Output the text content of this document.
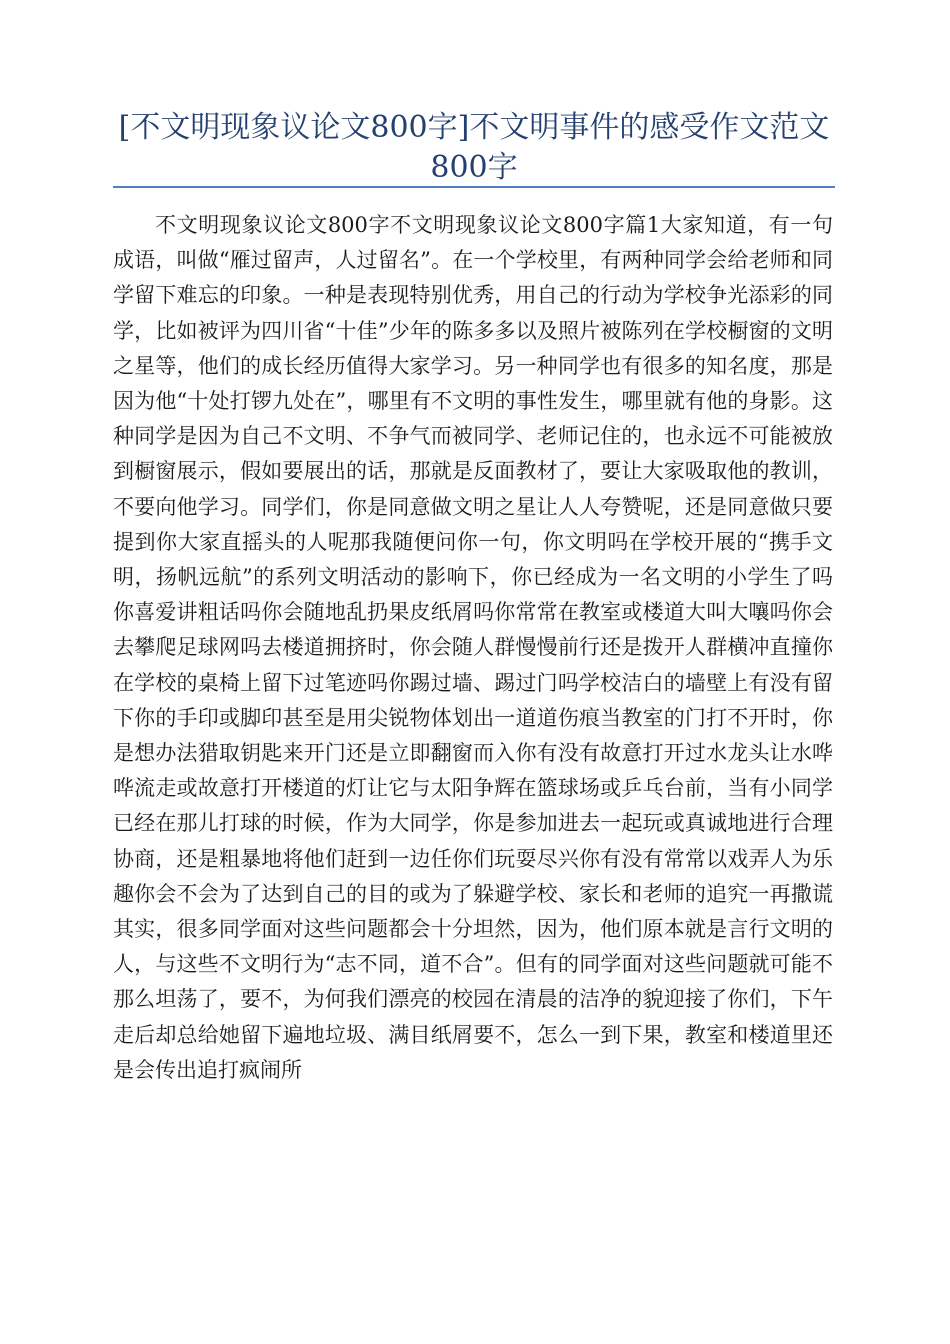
[不文明现象议论文800字]不文明事件的感受作文范文800字

不文明现象议论文800字不文明现象议论文800字篇1大家知道，有一句成语，叫做“雁过留声，人过留名”。在一个学校里，有两种同学会给老师和同学留下难忘的印象。一种是表现特别优秀，用自己的行动为学校争光添彩的同学，比如被评为四川省“十佳”少年的陈多多以及照片被陈列在学校橱窗的文明之星等，他们的成长经历值得大家学习。另一种同学也有很多的知名度，那是因为他“十处打锣九处在”，哪里有不文明的事性发生，哪里就有他的身影。这种同学是因为自己不文明、不争气而被同学、老师记住的，也永远不可能被放到橱窗展示，假如要展出的话，那就是反面教材了，要让大家吸取他的教训，不要向他学习。同学们，你是同意做文明之星让人人夸赞呢，还是同意做只要提到你大家直摇头的人呢那我随便问你一句，你文明吗在学校开展的“携手文明，扬帆远航”的系列文明活动的影响下，你已经成为一名文明的小学生了吗你喜爱讲粗话吗你会随地乱扔果皮纸屑吗你常常在教室或楼道大叫大嚷吗你会去攀爬足球网吗去楼道拥挤时，你会随人群慢慢前行还是拨开人群横冲直撞你在学校的桌椅上留下过笔迹吗你踢过墙、踢过门吗学校洁白的墙壁上有没有留下你的手印或脚印甚至是用尖锐物体划出一道道伤痕当教室的门打不开时，你是想办法猎取钥匙来开门还是立即翻窗而入你有没有故意打开过水龙头让水哗哗流走或故意打开楼道的灯让它与太阳争辉在篮球场或乒乓台前，当有小同学已经在那儿打球的时候，作为大同学，你是参加进去一起玩或真诚地进行合理协商，还是粗暴地将他们赶到一边任你们玩耍尽兴你有没有常常以戏弄人为乐趣你会不会为了达到自己的目的或为了躲避学校、家长和老师的追究一再撒谎其实，很多同学面对这些问题都会十分坦然，因为，他们原本就是言行文明的人，与这些不文明行为“志不同，道不合”。但有的同学面对这些问题就可能不那么坦荡了，要不，为何我们漂亮的校园在清晨的洁净的貌迎接了你们，下午走后却总给她留下遍地垃圾、满目纸屑要不，怎么一到下果，教室和楼道里还是会传出追打疯闹所
